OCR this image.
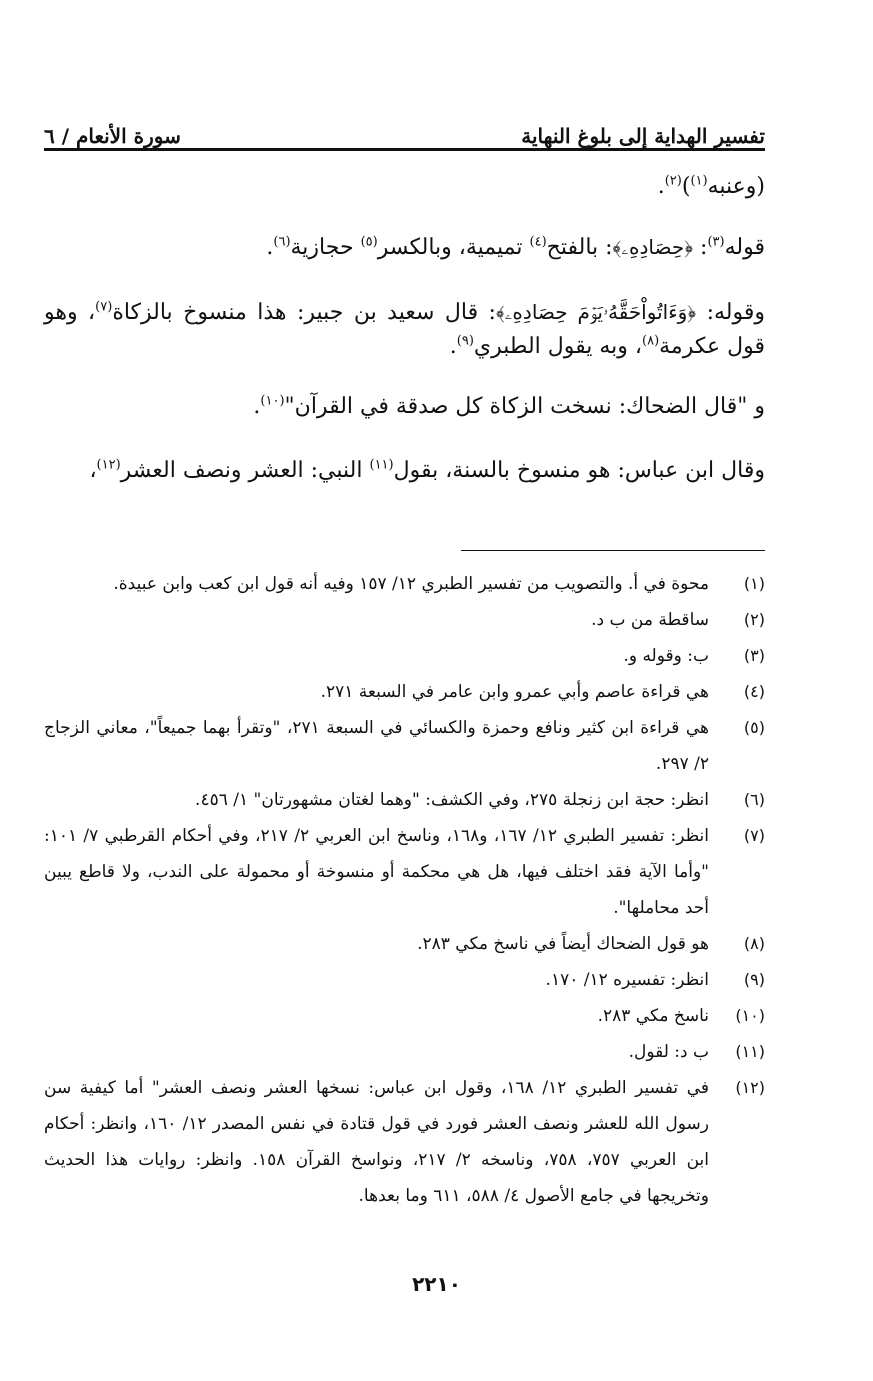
تفسير الهداية إلى بلوغ النهاية
سورة الأنعام / ٦

(وعنبه$^{(١)}$)$^{(٢)}$.

قوله$^{(٣)}$: ﴿حِصَادِهِۦ﴾: بالفتح$^{(٤)}$ تميمية، وبالكسر$^{(٥)}$ حجازية$^{(٦)}$.

وقوله: ﴿وَءَاتُواْحَقَّهُۥيَوۡمَ حِصَادِهِۦ﴾: قال سعيد بن جبير: هذا منسوخ بالزكاة$^{(٧)}$، وهو قول عكرمة$^{(٨)}$، وبه يقول الطبري$^{(٩)}$.

و "قال الضحاك: نسخت الزكاة كل صدقة في القرآن"$^{(١٠)}$.

وقال ابن عباس: هو منسوخ بالسنة، بقول$^{(١١)}$ النبي: العشر ونصف العشر$^{(١٢)}$،

(١)
محوة في أ. والتصويب من تفسير الطبري ١٢/ ١٥٧ وفيه أنه قول ابن كعب وابن عبيدة.
(٢)
ساقطة من ب د.
(٣)
ب: وقوله و.
(٤)
هي قراءة عاصم وأبي عمرو وابن عامر في السبعة ٢٧١.
(٥)
هي قراءة ابن كثير ونافع وحمزة والكسائي في السبعة ٢٧١، "وتقرأ بهما جميعاً"، معاني الزجاج ٢/ ٢٩٧.
(٦)
انظر: حجة ابن زنجلة ٢٧٥، وفي الكشف: "وهما لغتان مشهورتان" ١/ ٤٥٦.
(٧)
انظر: تفسير الطبري ١٢/ ١٦٧، و١٦٨، وناسخ ابن العربي ٢/ ٢١٧، وفي أحكام القرطبي ٧/ ١٠١: "وأما الآية فقد اختلف فيها، هل هي محكمة أو منسوخة أو محمولة على الندب، ولا قاطع يبين أحد محاملها".
(٨)
هو قول الضحاك أيضاً في ناسخ مكي ٢٨٣.
(٩)
انظر: تفسيره ١٢/ ١٧٠.
(١٠)
ناسخ مكي ٢٨٣.
(١١)
ب د: لقول.
(١٢)
في تفسير الطبري ١٢/ ١٦٨، وقول ابن عباس: نسخها العشر ونصف العشر" أما كيفية سن رسول الله للعشر ونصف العشر فورد في قول قتادة في نفس المصدر ١٢/ ١٦٠، وانظر: أحكام ابن العربي ٧٥٧، ٧٥٨، وناسخه ٢/ ٢١٧، ونواسخ القرآن ١٥٨. وانظر: روايات هذا الحديث وتخريجها في جامع الأصول ٤/ ٥٨٨، ٦١١ وما بعدها.
٢٢١٠
